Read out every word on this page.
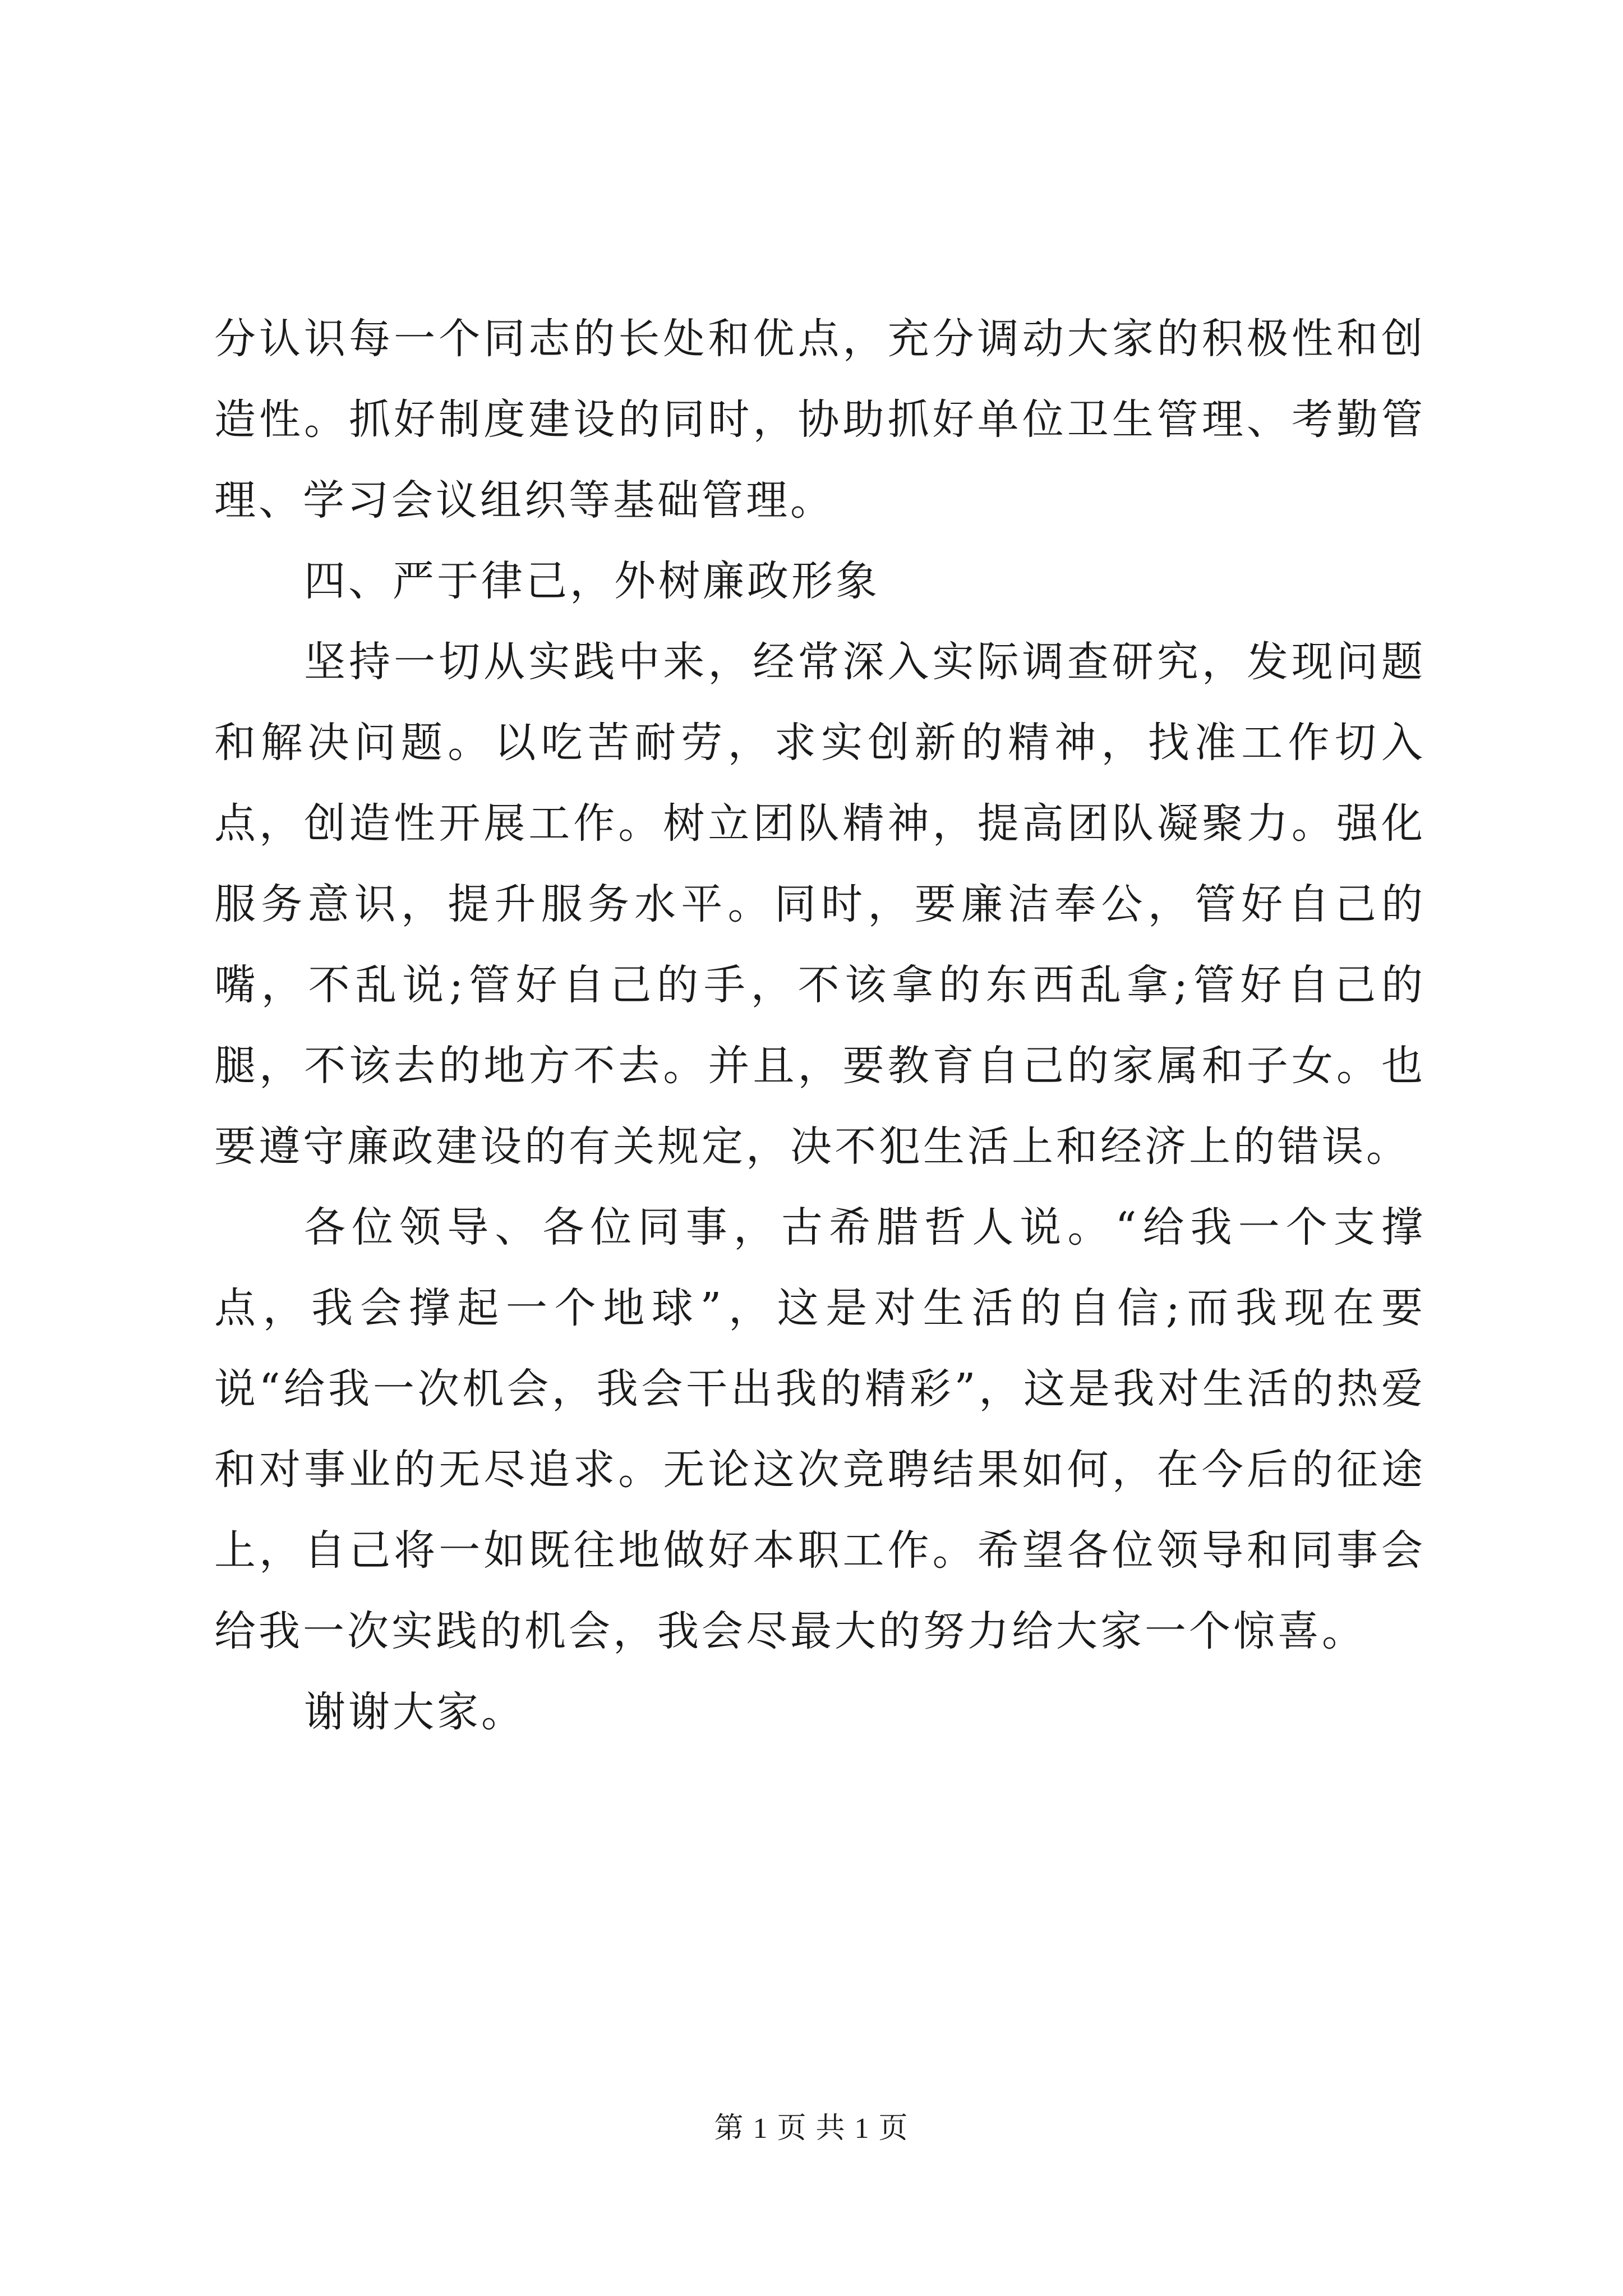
分认识每一个同志的长处和优点，充分调动大家的积极性和创造性。抓好制度建设的同时，协助抓好单位卫生管理、考勤管理、学习会议组织等基础管理。

四、严于律己，外树廉政形象

坚持一切从实践中来，经常深入实际调查研究，发现问题和解决问题。以吃苦耐劳，求实创新的精神，找准工作切入点，创造性开展工作。树立团队精神，提高团队凝聚力。强化服务意识，提升服务水平。同时，要廉洁奉公，管好自己的嘴，不乱说;管好自己的手，不该拿的东西乱拿;管好自己的腿，不该去的地方不去。并且，要教育自己的家属和子女。也要遵守廉政建设的有关规定，决不犯生活上和经济上的错误。

各位领导、各位同事，古希腊哲人说。“给我一个支撑点，我会撑起一个地球”，这是对生活的自信;而我现在要说“给我一次机会，我会干出我的精彩”，这是我对生活的热爱和对事业的无尽追求。无论这次竞聘结果如何，在今后的征途上，自己将一如既往地做好本职工作。希望各位领导和同事会给我一次实践的机会，我会尽最大的努力给大家一个惊喜。

谢谢大家。

第 1 页 共 1 页
